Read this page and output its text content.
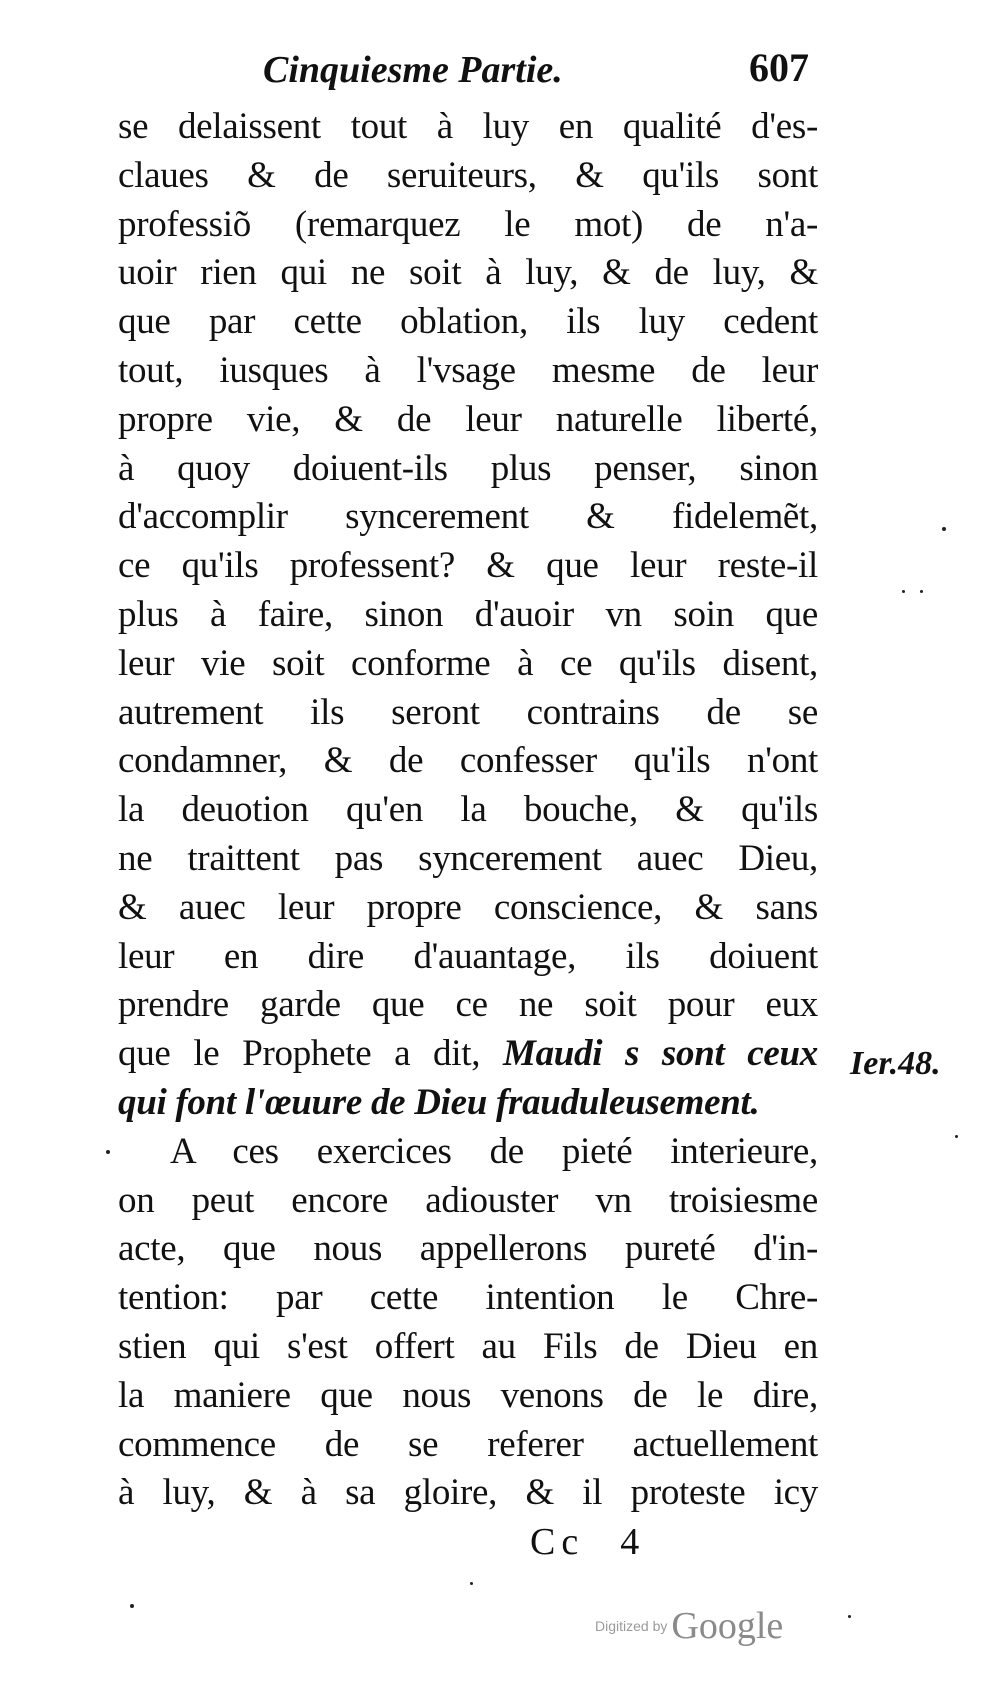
Cinquiesme Partie.	607
se delaissent tout à luy en qualité d'es-
claues & de seruiteurs, & qu'ils sont
professiõ (remarquez le mot) de n'a-
uoir rien qui ne soit à luy, & de luy, &
que par cette oblation, ils luy cedent
tout, iusques à l'vsage mesme de leur
propre vie, & de leur naturelle liberté,
à quoy doiuent-ils plus penser, sinon
d'accomplir syncerement & fidelemẽt,
ce qu'ils professent? & que leur reste-il
plus à faire, sinon d'auoir vn soin que
leur vie soit conforme à ce qu'ils disent,
autrement ils seront contrains de se
condamner, & de confesser qu'ils n'ont
la deuotion qu'en la bouche, & qu'ils
ne traittent pas syncerement auec Dieu,
& auec leur propre conscience, & sans
leur en dire d'auantage, ils doiuent
prendre garde que ce ne soit pour eux
que le Prophete a dit, Maudi s sont ceux
qui font l'œuure de Dieu frauduleusement.
A ces exercices de pieté interieure,
on peut encore adiouster vn troisiesme
acte, que nous appellerons pureté d'in-
tention: par cette intention le Chre-
stien qui s'est offert au Fils de Dieu en
la maniere que nous venons de le dire,
commence de se referer actuellement
à luy, & à sa gloire, & il proteste icy
Ier.48.
Cc 4
Digitized by Google
